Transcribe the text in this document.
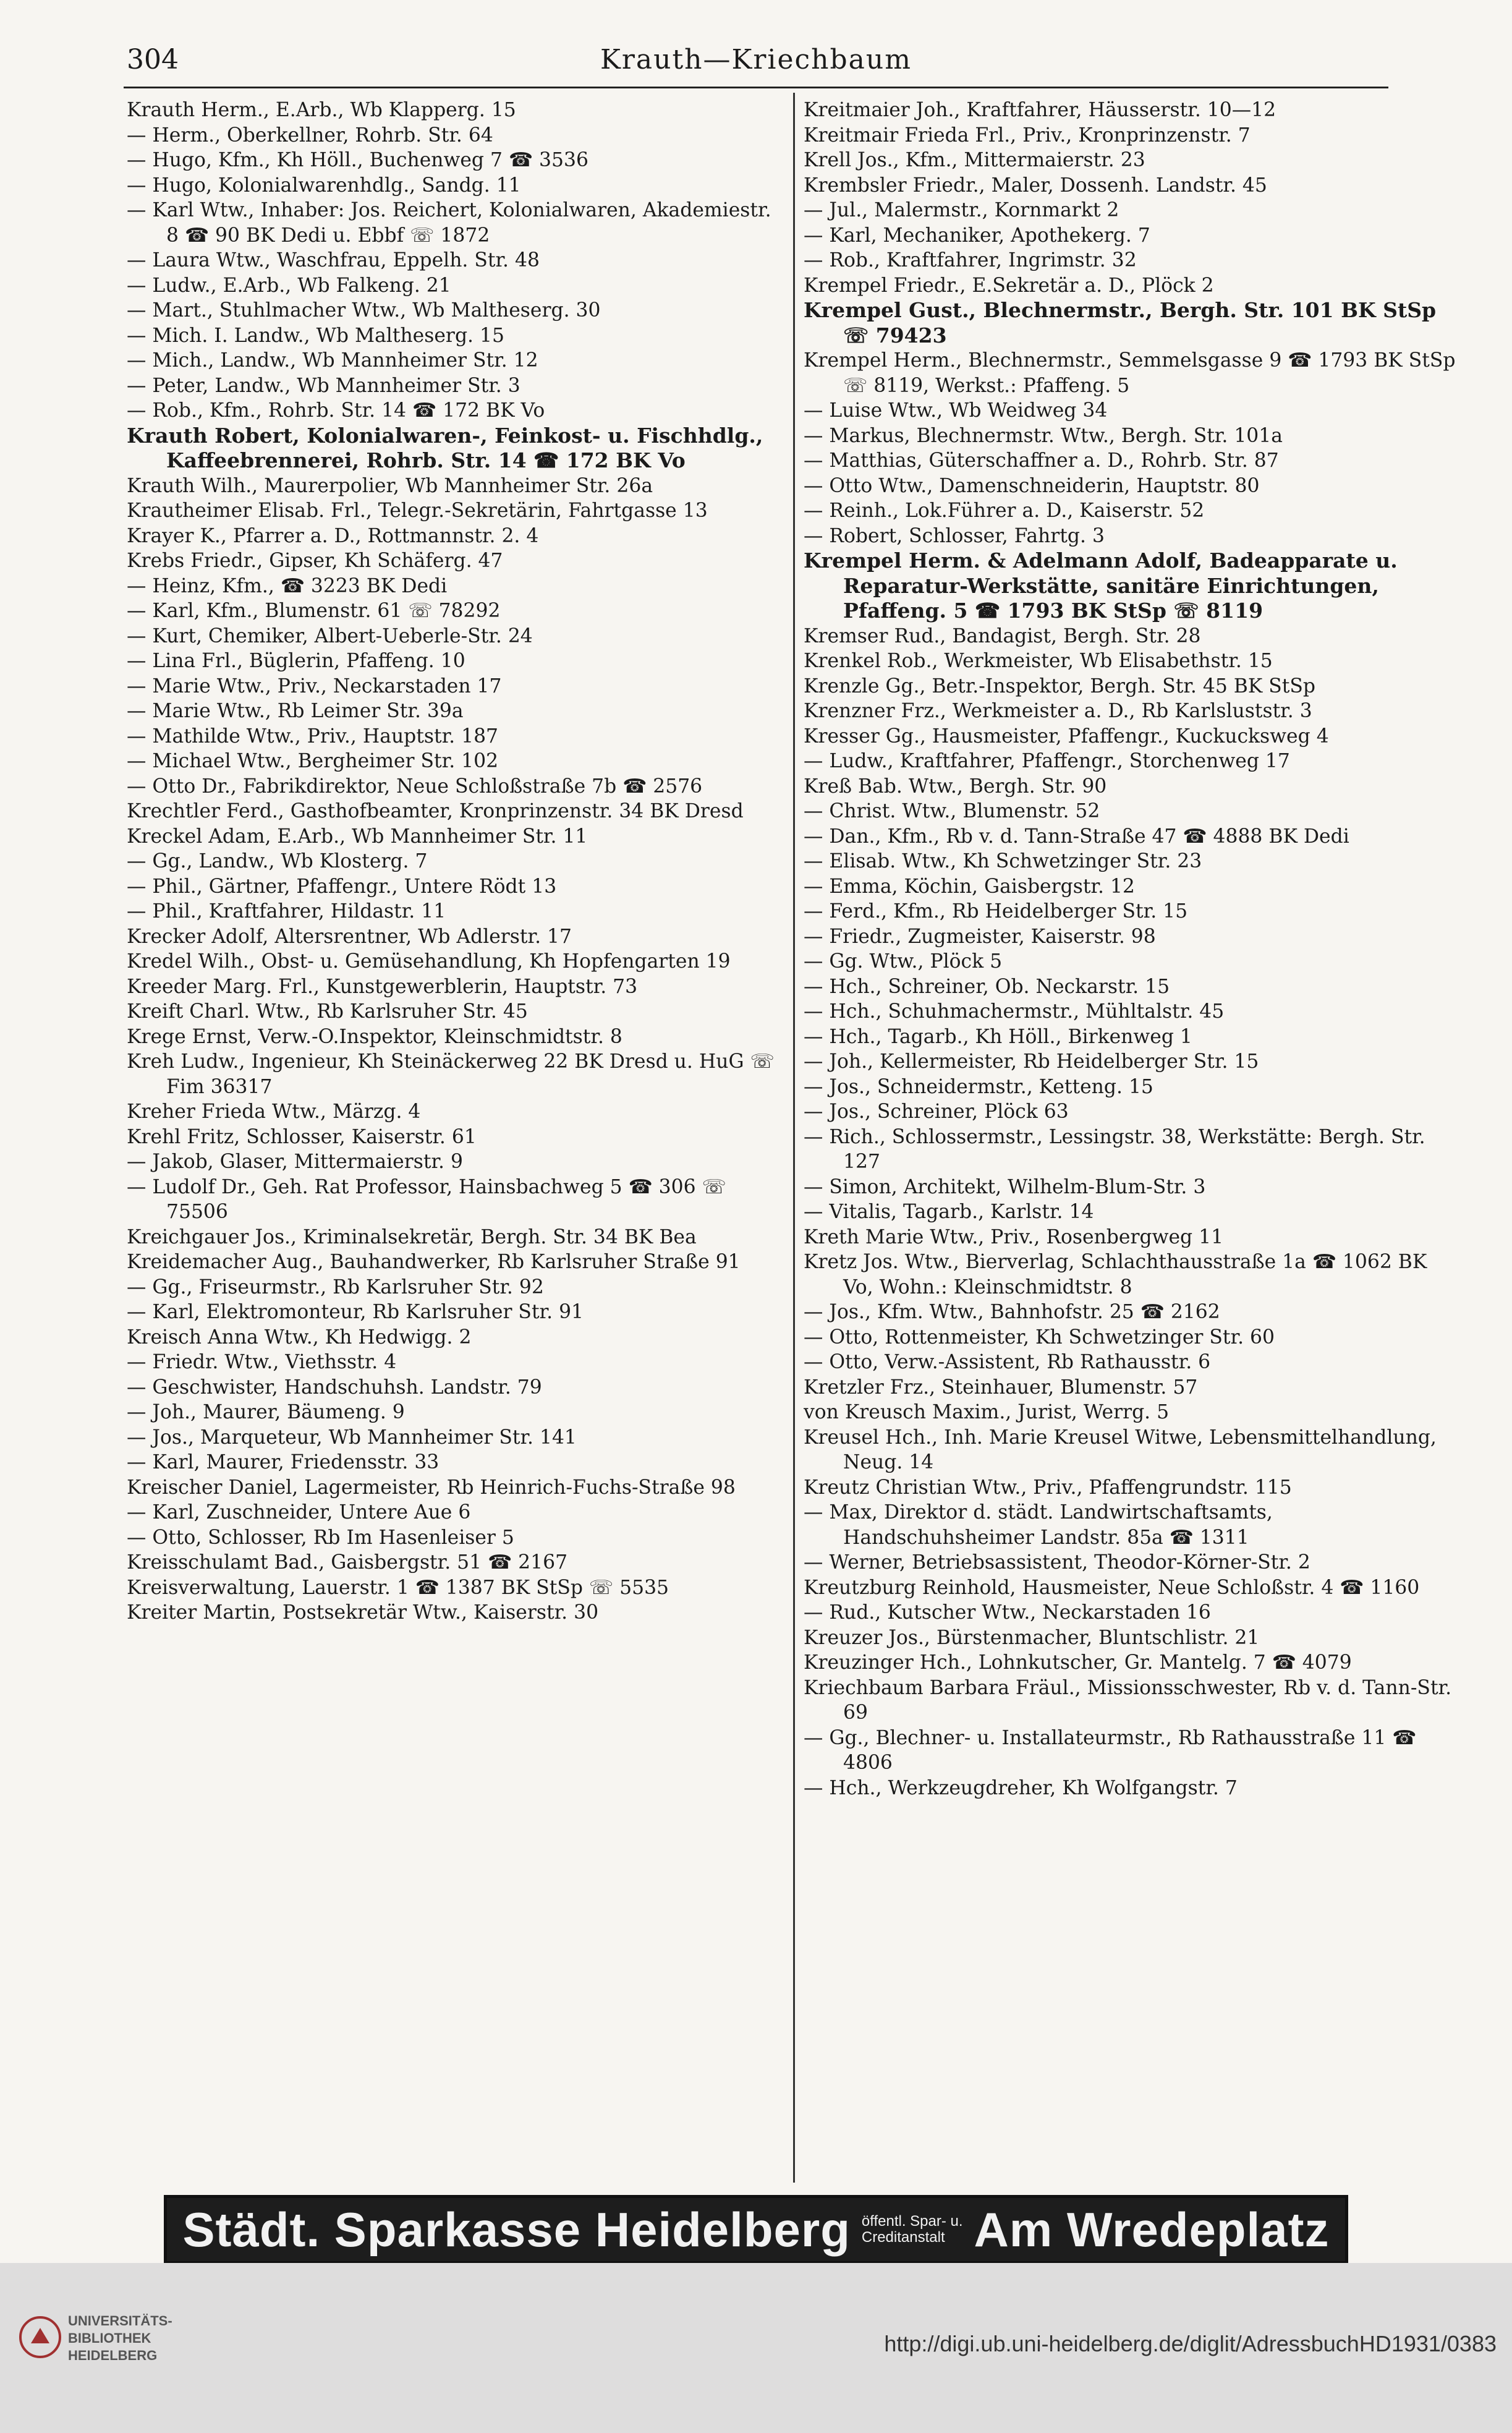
304	Krauth—Kriechbaum

Krauth Herm., E.Arb., Wb Klapperg. 15

— Herm., Oberkellner, Rohrb. Str. 64

— Hugo, Kfm., Kh Höll., Buchenweg 7 ☎ 3536

— Hugo, Kolonialwarenhdlg., Sandg. 11

— Karl Wtw., Inhaber: Jos. Reichert, Kolonialwaren, Akademiestr. 8 ☎ 90 BK Dedi u. Ebbf ☏ 1872

— Laura Wtw., Waschfrau, Eppelh. Str. 48

— Ludw., E.Arb., Wb Falkeng. 21

— Mart., Stuhlmacher Wtw., Wb Maltheserg. 30

— Mich. I. Landw., Wb Maltheserg. 15

— Mich., Landw., Wb Mannheimer Str. 12

— Peter, Landw., Wb Mannheimer Str. 3

— Rob., Kfm., Rohrb. Str. 14 ☎ 172 BK Vo

Krauth Robert, Kolonialwaren-, Feinkost- u. Fischhdlg., Kaffeebrennerei, Rohrb. Str. 14 ☎ 172 BK Vo

Krauth Wilh., Maurerpolier, Wb Mannheimer Str. 26a

Krautheimer Elisab. Frl., Telegr.-Sekretärin, Fahrtgasse 13

Krayer K., Pfarrer a. D., Rottmannstr. 2. 4

Krebs Friedr., Gipser, Kh Schäferg. 47

— Heinz, Kfm., ☎ 3223 BK Dedi

— Karl, Kfm., Blumenstr. 61 ☏ 78292

— Kurt, Chemiker, Albert-Ueberle-Str. 24

— Lina Frl., Büglerin, Pfaffeng. 10

— Marie Wtw., Priv., Neckarstaden 17

— Marie Wtw., Rb Leimer Str. 39a

— Mathilde Wtw., Priv., Hauptstr. 187

— Michael Wtw., Bergheimer Str. 102

— Otto Dr., Fabrikdirektor, Neue Schloßstraße 7b ☎ 2576

Krechtler Ferd., Gasthofbeamter, Kronprinzenstr. 34 BK Dresd

Kreckel Adam, E.Arb., Wb Mannheimer Str. 11

— Gg., Landw., Wb Klosterg. 7

— Phil., Gärtner, Pfaffengr., Untere Rödt 13

— Phil., Kraftfahrer, Hildastr. 11

Krecker Adolf, Altersrentner, Wb Adlerstr. 17

Kredel Wilh., Obst- u. Gemüsehandlung, Kh Hopfengarten 19

Kreeder Marg. Frl., Kunstgewerblerin, Hauptstr. 73

Kreift Charl. Wtw., Rb Karlsruher Str. 45

Krege Ernst, Verw.-O.Inspektor, Kleinschmidtstr. 8

Kreh Ludw., Ingenieur, Kh Steinäckerweg 22 BK Dresd u. HuG ☏ Fim 36317

Kreher Frieda Wtw., Märzg. 4

Krehl Fritz, Schlosser, Kaiserstr. 61

— Jakob, Glaser, Mittermaierstr. 9

— Ludolf Dr., Geh. Rat Professor, Hainsbachweg 5 ☎ 306 ☏ 75506

Kreichgauer Jos., Kriminalsekretär, Bergh. Str. 34 BK Bea

Kreidemacher Aug., Bauhandwerker, Rb Karlsruher Straße 91

— Gg., Friseurmstr., Rb Karlsruher Str. 92

— Karl, Elektromonteur, Rb Karlsruher Str. 91

Kreisch Anna Wtw., Kh Hedwigg. 2

— Friedr. Wtw., Viethsstr. 4

— Geschwister, Handschuhsh. Landstr. 79

— Joh., Maurer, Bäumeng. 9

— Jos., Marqueteur, Wb Mannheimer Str. 141

— Karl, Maurer, Friedensstr. 33

Kreischer Daniel, Lagermeister, Rb Heinrich-Fuchs-Straße 98

— Karl, Zuschneider, Untere Aue 6

— Otto, Schlosser, Rb Im Hasenleiser 5

Kreisschulamt Bad., Gaisbergstr. 51 ☎ 2167

Kreisverwaltung, Lauerstr. 1 ☎ 1387 BK StSp ☏ 5535

Kreiter Martin, Postsekretär Wtw., Kaiserstr. 30

Kreitmaier Joh., Kraftfahrer, Häusserstr. 10—12

Kreitmair Frieda Frl., Priv., Kronprinzenstr. 7

Krell Jos., Kfm., Mittermaierstr. 23

Krembsler Friedr., Maler, Dossenh. Landstr. 45

— Jul., Malermstr., Kornmarkt 2

— Karl, Mechaniker, Apothekerg. 7

— Rob., Kraftfahrer, Ingrimstr. 32

Krempel Friedr., E.Sekretär a. D., Plöck 2

Krempel Gust., Blechnermstr., Bergh. Str. 101 BK StSp ☏ 79423

Krempel Herm., Blechnermstr., Semmelsgasse 9 ☎ 1793 BK StSp ☏ 8119, Werkst.: Pfaffeng. 5

— Luise Wtw., Wb Weidweg 34

— Markus, Blechnermstr. Wtw., Bergh. Str. 101a

— Matthias, Güterschaffner a. D., Rohrb. Str. 87

— Otto Wtw., Damenschneiderin, Hauptstr. 80

— Reinh., Lok.Führer a. D., Kaiserstr. 52

— Robert, Schlosser, Fahrtg. 3

Krempel Herm. & Adelmann Adolf, Badeapparate u. Reparatur-Werkstätte, sanitäre Einrichtungen, Pfaffeng. 5 ☎ 1793 BK StSp ☏ 8119

Kremser Rud., Bandagist, Bergh. Str. 28

Krenkel Rob., Werkmeister, Wb Elisabethstr. 15

Krenzle Gg., Betr.-Inspektor, Bergh. Str. 45 BK StSp

Krenzner Frz., Werkmeister a. D., Rb Karlsluststr. 3

Kresser Gg., Hausmeister, Pfaffengr., Kuckucksweg 4

— Ludw., Kraftfahrer, Pfaffengr., Storchenweg 17

Kreß Bab. Wtw., Bergh. Str. 90

— Christ. Wtw., Blumenstr. 52

— Dan., Kfm., Rb v. d. Tann-Straße 47 ☎ 4888 BK Dedi

— Elisab. Wtw., Kh Schwetzinger Str. 23

— Emma, Köchin, Gaisbergstr. 12

— Ferd., Kfm., Rb Heidelberger Str. 15

— Friedr., Zugmeister, Kaiserstr. 98

— Gg. Wtw., Plöck 5

— Hch., Schreiner, Ob. Neckarstr. 15

— Hch., Schuhmachermstr., Mühltalstr. 45

— Hch., Tagarb., Kh Höll., Birkenweg 1

— Joh., Kellermeister, Rb Heidelberger Str. 15

— Jos., Schneidermstr., Ketteng. 15

— Jos., Schreiner, Plöck 63

— Rich., Schlossermstr., Lessingstr. 38, Werkstätte: Bergh. Str. 127

— Simon, Architekt, Wilhelm-Blum-Str. 3

— Vitalis, Tagarb., Karlstr. 14

Kreth Marie Wtw., Priv., Rosenbergweg 11

Kretz Jos. Wtw., Bierverlag, Schlachthausstraße 1a ☎ 1062 BK Vo, Wohn.: Kleinschmidtstr. 8

— Jos., Kfm. Wtw., Bahnhofstr. 25 ☎ 2162

— Otto, Rottenmeister, Kh Schwetzinger Str. 60

— Otto, Verw.-Assistent, Rb Rathausstr. 6

Kretzler Frz., Steinhauer, Blumenstr. 57

von Kreusch Maxim., Jurist, Werrg. 5

Kreusel Hch., Inh. Marie Kreusel Witwe, Lebensmittelhandlung, Neug. 14

Kreutz Christian Wtw., Priv., Pfaffengrundstr. 115

— Max, Direktor d. städt. Landwirtschaftsamts, Handschuhsheimer Landstr. 85a ☎ 1311

— Werner, Betriebsassistent, Theodor-Körner-Str. 2

Kreutzburg Reinhold, Hausmeister, Neue Schloßstr. 4 ☎ 1160

— Rud., Kutscher Wtw., Neckarstaden 16

Kreuzer Jos., Bürstenmacher, Bluntschlistr. 21

Kreuzinger Hch., Lohnkutscher, Gr. Mantelg. 7 ☎ 4079

Kriechbaum Barbara Fräul., Missionsschwester, Rb v. d. Tann-Str. 69

— Gg., Blechner- u. Installateurmstr., Rb Rathausstraße 11 ☎ 4806

— Hch., Werkzeugdreher, Kh Wolfgangstr. 7

Städt. Sparkasse Heidelberg öffentl. Spar- u.
Creditanstalt Am Wredeplatz
UNIVERSITÄTS-
BIBLIOTHEK
HEIDELBERG	http://digi.ub.uni-heidelberg.de/diglit/AdressbuchHD1931/0383
